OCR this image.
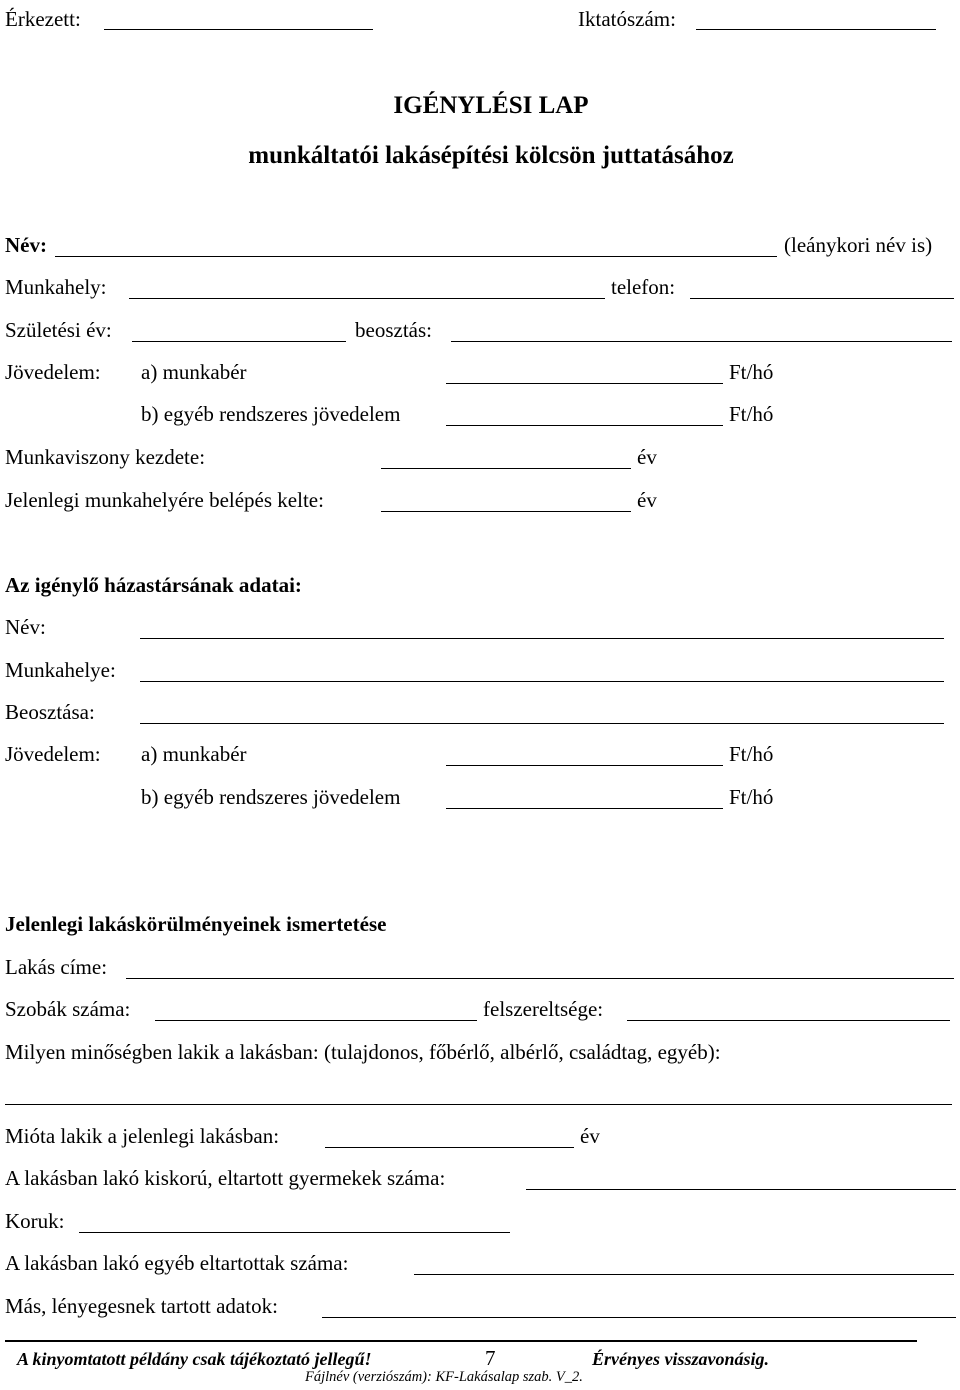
Érkezett:	Iktatószám:
IGÉNYLÉSI LAP
munkáltatói lakásépítési kölcsön juttatásához
Név:	(leánykori név is)
Munkahely:	telefon:
Születési év:	beosztás:
Jövedelem: a) munkabér	Ft/hó
b) egyéb rendszeres jövedelem	Ft/hó
Munkaviszony kezdete:	év
Jelenlegi munkahelyére belépés kelte:	év
Az igénylő házastársának adatai:
Név:
Munkahelye:
Beosztása:
Jövedelem: a) munkabér	Ft/hó
b) egyéb rendszeres jövedelem	Ft/hó
Jelenlegi lakáskörülményeinek ismertetése
Lakás címe:
Szobák száma:	felszereltsége:
Milyen minőségben lakik a lakásban: (tulajdonos, főbérlő, albérlő, családtag, egyéb):
Mióta lakik a jelenlegi lakásban:	év
A lakásban lakó kiskorú, eltartott gyermekek száma:
Koruk:
A lakásban lakó egyéb eltartottak száma:
Más, lényegesnek tartott adatok:
A kinyomtatott példány csak tájékoztató jellegű!	7	Érvényes visszavonásig.
Fájlnév (verziószám): KF-Lakásalap szab. V_2.
